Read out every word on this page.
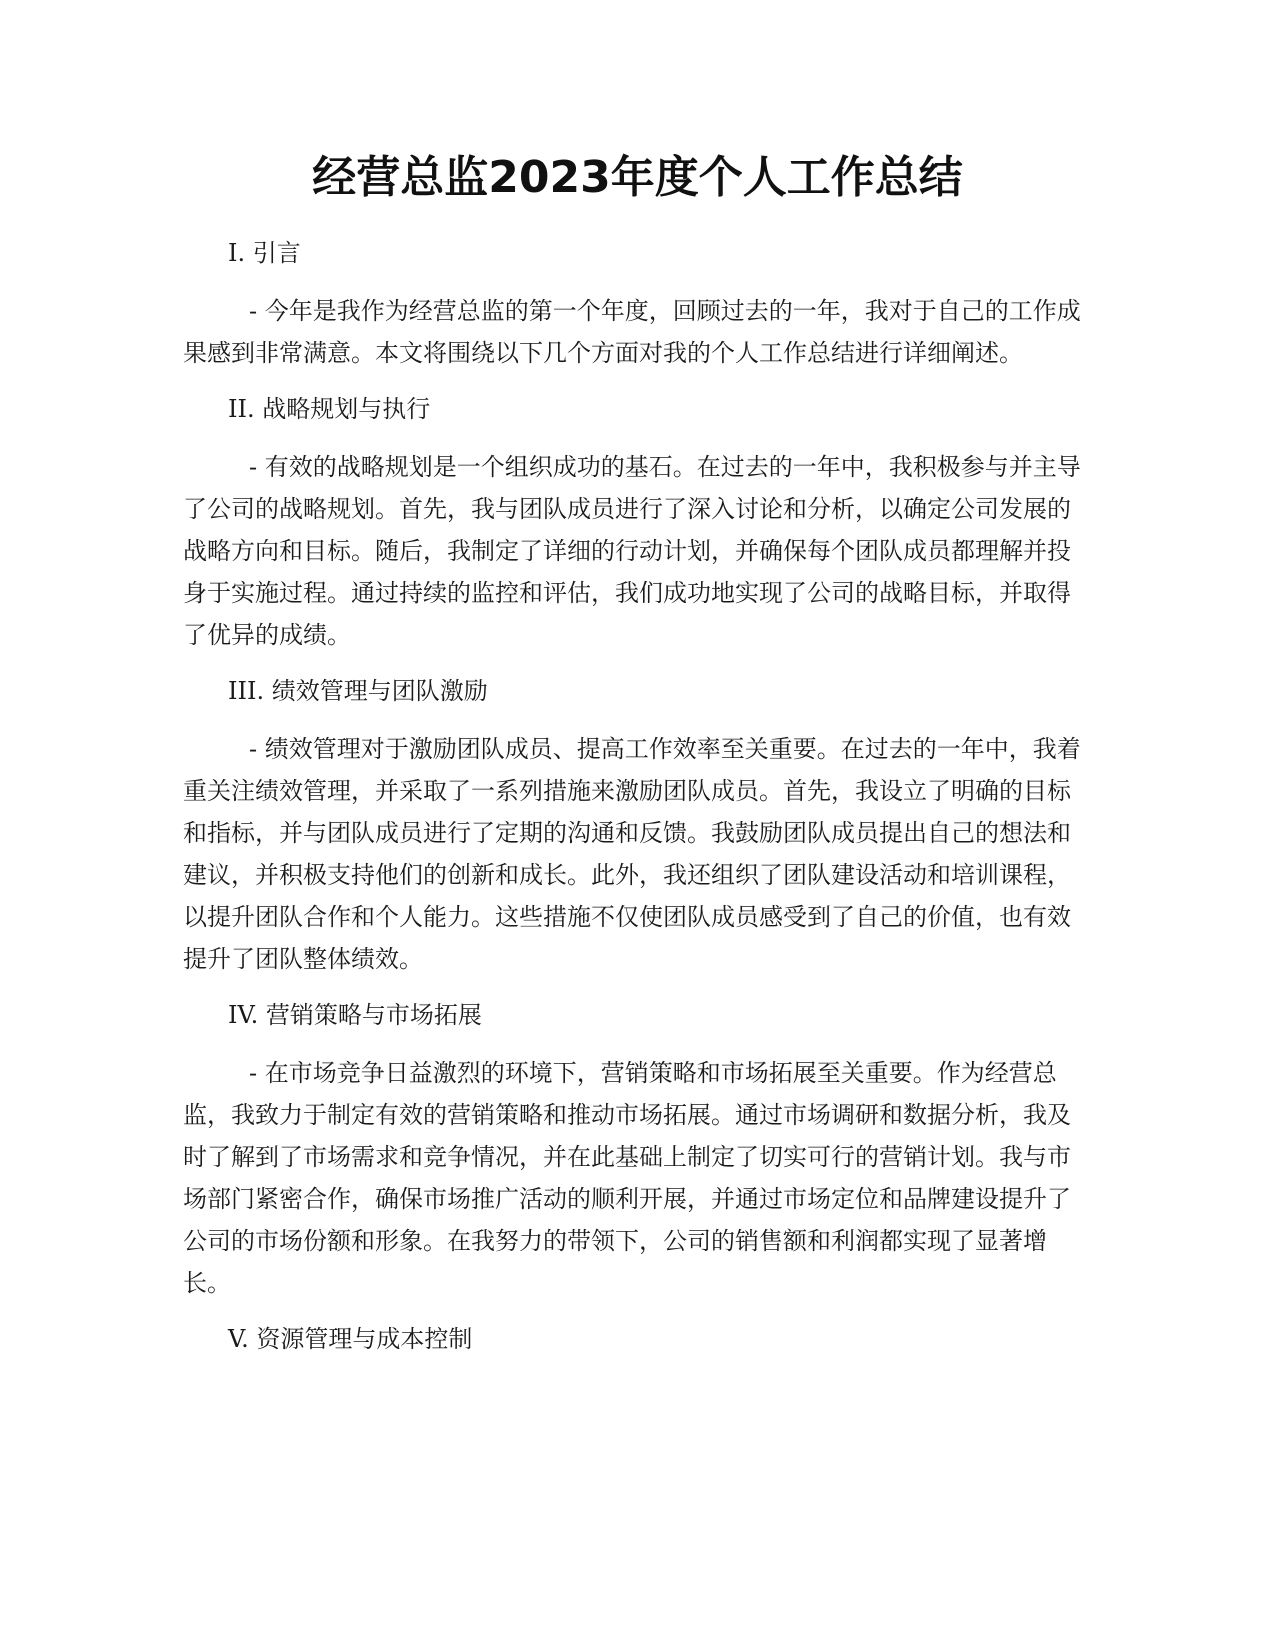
经营总监2023年度个人工作总结

I. 引言

- 今年是我作为经营总监的第一个年度，回顾过去的一年，我对于自己的工作成果感到非常满意。本文将围绕以下几个方面对我的个人工作总结进行详细阐述。

II. 战略规划与执行

- 有效的战略规划是一个组织成功的基石。在过去的一年中，我积极参与并主导了公司的战略规划。首先，我与团队成员进行了深入讨论和分析，以确定公司发展的战略方向和目标。随后，我制定了详细的行动计划，并确保每个团队成员都理解并投身于实施过程。通过持续的监控和评估，我们成功地实现了公司的战略目标，并取得了优异的成绩。

III. 绩效管理与团队激励

- 绩效管理对于激励团队成员、提高工作效率至关重要。在过去的一年中，我着重关注绩效管理，并采取了一系列措施来激励团队成员。首先，我设立了明确的目标和指标，并与团队成员进行了定期的沟通和反馈。我鼓励团队成员提出自己的想法和建议，并积极支持他们的创新和成长。此外，我还组织了团队建设活动和培训课程，以提升团队合作和个人能力。这些措施不仅使团队成员感受到了自己的价值，也有效提升了团队整体绩效。

IV. 营销策略与市场拓展

- 在市场竞争日益激烈的环境下，营销策略和市场拓展至关重要。作为经营总监，我致力于制定有效的营销策略和推动市场拓展。通过市场调研和数据分析，我及时了解到了市场需求和竞争情况，并在此基础上制定了切实可行的营销计划。我与市场部门紧密合作，确保市场推广活动的顺利开展，并通过市场定位和品牌建设提升了公司的市场份额和形象。在我努力的带领下，公司的销售额和利润都实现了显著增长。

V. 资源管理与成本控制
